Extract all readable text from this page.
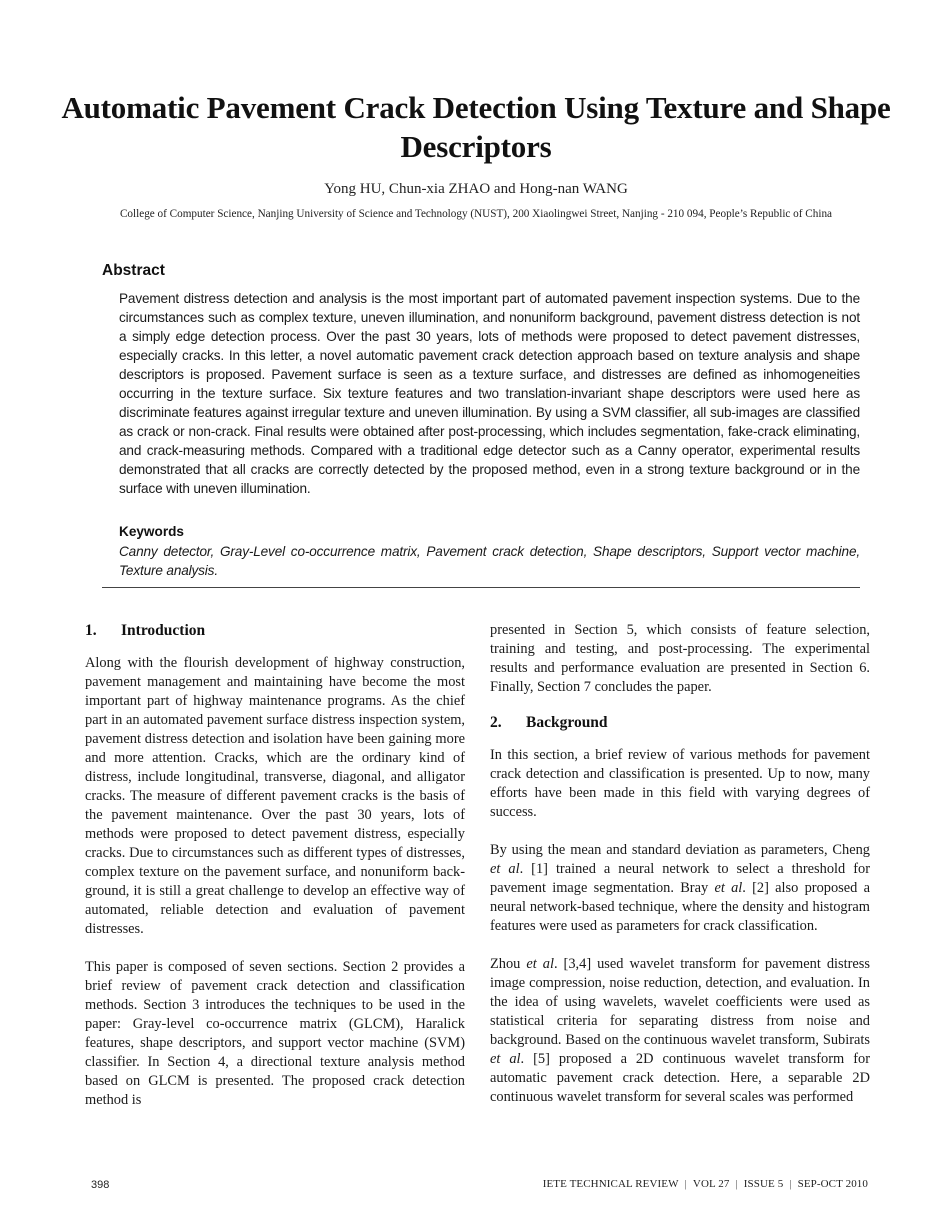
Automatic Pavement Crack Detection Using Texture and Shape Descriptors
Yong HU, Chun-xia ZHAO and Hong-nan WANG
College of Computer Science, Nanjing University of Science and Technology (NUST), 200 Xiaolingwei Street, Nanjing - 210 094, People’s Republic of China
Abstract
Pavement distress detection and analysis is the most important part of automated pavement inspection systems. Due to the circumstances such as complex texture, uneven illumination, and nonuniform background, pavement distress detection is not a simply edge detection process. Over the past 30 years, lots of methods were proposed to detect pavement distresses, especially cracks. In this letter, a novel automatic pavement crack detection approach based on texture analysis and shape descriptors is proposed. Pavement surface is seen as a texture surface, and distresses are defined as inhomogeneities occurring in the texture surface. Six texture features and two translation-invariant shape descriptors were used here as discriminate features against irregular texture and uneven illumination. By using a SVM classifier, all sub-images are classified as crack or non-crack. Final results were obtained after post-processing, which includes segmentation, fake-crack eliminating, and crack-measuring methods. Compared with a traditional edge detector such as a Canny operator, experimental results demonstrated that all cracks are correctly detected by the proposed method, even in a strong texture background or in the surface with uneven illumination.
Keywords
Canny detector, Gray-Level co-occurrence matrix, Pavement crack detection, Shape descriptors, Support vector machine, Texture analysis.
1. Introduction

Along with the flourish development of highway construction, pavement management and maintaining have become the most important part of highway maintenance programs. As the chief part in an automated pavement surface distress inspection system, pavement distress detection and isolation have been gaining more and more attention. Cracks, which are the ordinary kind of distress, include longitudinal, transverse, diagonal, and alligator cracks. The measure of different pavement cracks is the basis of the pavement maintenance. Over the past 30 years, lots of methods were proposed to detect pavement distress, especially cracks. Due to circumstances such as different types of distresses, complex texture on the pavement surface, and nonuniform background, it is still a great challenge to develop an effective way of automated, reliable detection and evaluation of pavement distresses.

This paper is composed of seven sections. Section 2 provides a brief review of pavement crack detection and classification methods. Section 3 introduces the techniques to be used in the paper: Gray-level co-occurrence matrix (GLCM), Haralick features, shape descriptors, and support vector machine (SVM) classifier. In Section 4, a directional texture analysis method based on GLCM is presented. The proposed crack detection method is

presented in Section 5, which consists of feature selection, training and testing, and post-processing. The experimental results and performance evaluation are presented in Section 6. Finally, Section 7 concludes the paper.

2. Background

In this section, a brief review of various methods for pavement crack detection and classification is presented. Up to now, many efforts have been made in this field with varying degrees of success.

By using the mean and standard deviation as parameters, Cheng et al. [1] trained a neural network to select a threshold for pavement image segmentation. Bray et al. [2] also proposed a neural network-based technique, where the density and histogram features were used as parameters for crack classification.

Zhou et al. [3,4] used wavelet transform for pavement distress image compression, noise reduction, detection, and evaluation. In the idea of using wavelets, wavelet coefficients were used as statistical criteria for separating distress from noise and background. Based on the continuous wavelet transform, Subirats et al. [5] proposed a 2D continuous wavelet transform for automatic pavement crack detection. Here, a separable 2D continuous wavelet transform for several scales was performed

398	IETE TECHNICAL REVIEW | VOL 27 | ISSUE 5 | SEP-OCT 2010
